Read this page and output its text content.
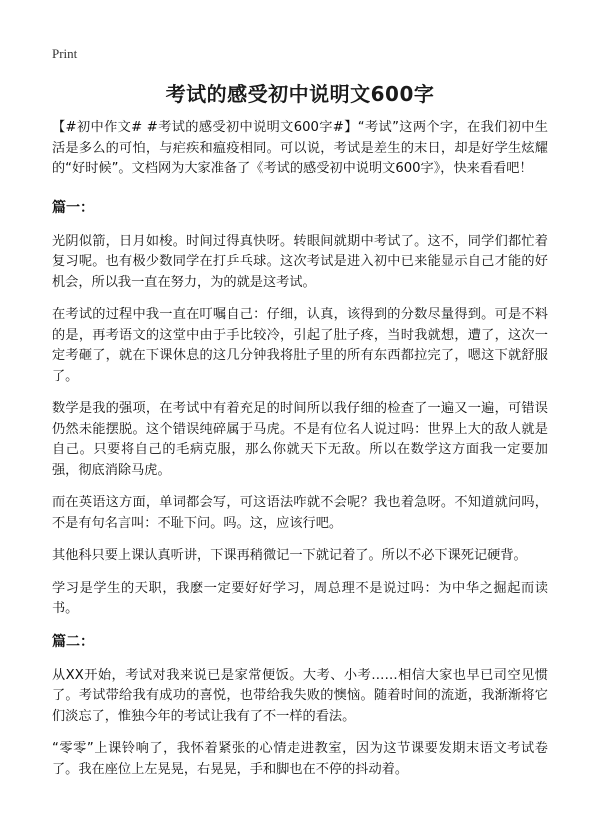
Print
考试的感受初中说明文600字

【#初中作文# #考试的感受初中说明文600字#】“考试”这两个字，在我们初中生活是多么的可怕，与疟疾和瘟疫相同。可以说，考试是差生的末日，却是好学生炫耀的“好时候”。文档网为大家准备了《考试的感受初中说明文600字》，快来看看吧！

篇一：

光阴似箭，日月如梭。时间过得真快呀。转眼间就期中考试了。这不，同学们都忙着复习呢。也有极少数同学在打乒乓球。这次考试是进入初中已来能显示自己才能的好机会，所以我一直在努力，为的就是这考试。

在考试的过程中我一直在叮嘱自己：仔细，认真，该得到的分数尽量得到。可是不料的是，再考语文的这堂中由于手比较冷，引起了肚子疼，当时我就想，遭了，这次一定考砸了，就在下课休息的这几分钟我将肚子里的所有东西都拉完了，嗯这下就舒服了。

数学是我的强项，在考试中有着充足的时间所以我仔细的检查了一遍又一遍，可错误仍然未能摆脱。这个错误纯碎属于马虎。不是有位名人说过吗：世界上大的敌人就是自己。只要将自己的毛病克服，那么你就天下无敌。所以在数学这方面我一定要加强，彻底消除马虎。

而在英语这方面，单词都会写，可这语法咋就不会呢？我也着急呀。不知道就问吗，不是有句名言叫：不耻下问。吗。这，应该行吧。

其他科只要上课认真听讲，下课再稍微记一下就记着了。所以不必下课死记硬背。

学习是学生的天职，我麽一定要好好学习，周总理不是说过吗：为中华之掘起而读书。

篇二：

从XX开始，考试对我来说已是家常便饭。大考、小考……相信大家也早已司空见惯了。考试带给我有成功的喜悦，也带给我失败的懊恼。随着时间的流逝，我渐渐将它们淡忘了，惟独今年的考试让我有了不一样的看法。

“零零”上课铃响了，我怀着紧张的心情走进教室，因为这节课要发期末语文考试卷了。我在座位上左晃晃，右晃晃，手和脚也在不停的抖动着。
